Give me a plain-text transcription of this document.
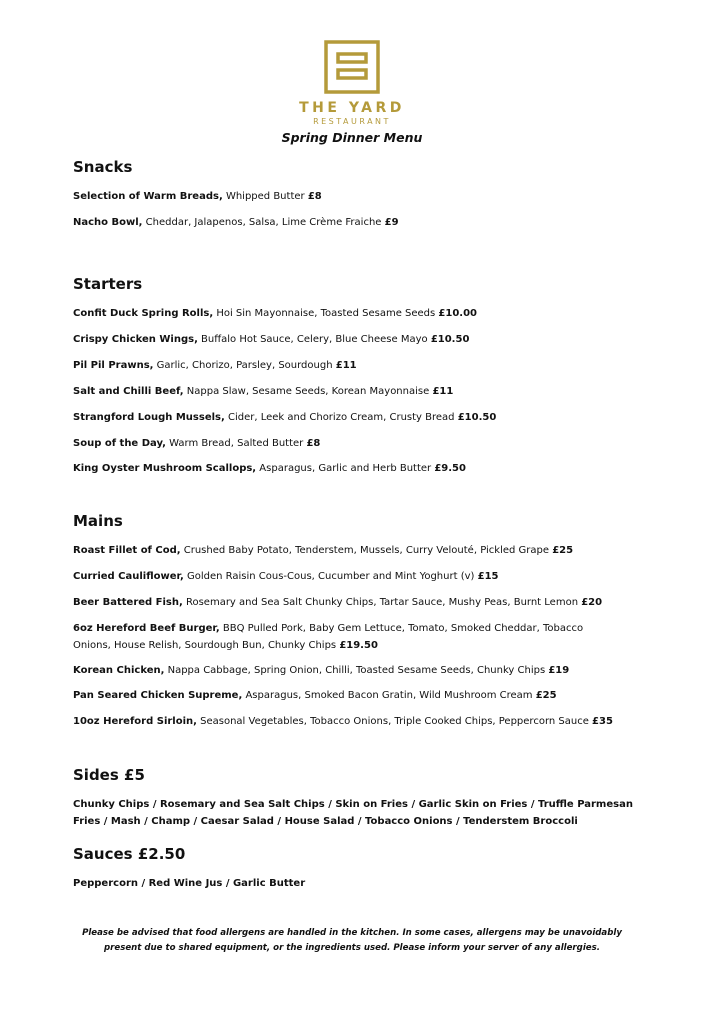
THE YARD
RESTAURANT
Spring Dinner Menu
Snacks
Selection of Warm Breads, Whipped Butter £8
Nacho Bowl, Cheddar, Jalapenos, Salsa, Lime Crème Fraiche £9
Starters
Confit Duck Spring Rolls, Hoi Sin Mayonnaise, Toasted Sesame Seeds £10.00
Crispy Chicken Wings, Buffalo Hot Sauce, Celery, Blue Cheese Mayo £10.50
Pil Pil Prawns, Garlic, Chorizo, Parsley, Sourdough £11
Salt and Chilli Beef, Nappa Slaw, Sesame Seeds, Korean Mayonnaise £11
Strangford Lough Mussels, Cider, Leek and Chorizo Cream, Crusty Bread £10.50
Soup of the Day, Warm Bread, Salted Butter £8
King Oyster Mushroom Scallops, Asparagus, Garlic and Herb Butter £9.50
Mains
Roast Fillet of Cod, Crushed Baby Potato, Tenderstem, Mussels, Curry Velouté, Pickled Grape £25
Curried Cauliflower, Golden Raisin Cous-Cous, Cucumber and Mint Yoghurt (v) £15
Beer Battered Fish, Rosemary and Sea Salt Chunky Chips, Tartar Sauce, Mushy Peas, Burnt Lemon £20
6oz Hereford Beef Burger, BBQ Pulled Pork, Baby Gem Lettuce, Tomato, Smoked Cheddar, Tobacco Onions, House Relish, Sourdough Bun, Chunky Chips £19.50
Korean Chicken, Nappa Cabbage, Spring Onion, Chilli, Toasted Sesame Seeds, Chunky Chips £19
Pan Seared Chicken Supreme, Asparagus, Smoked Bacon Gratin, Wild Mushroom Cream £25
10oz Hereford Sirloin, Seasonal Vegetables, Tobacco Onions, Triple Cooked Chips, Peppercorn Sauce £35
Sides £5
Chunky Chips / Rosemary and Sea Salt Chips / Skin on Fries / Garlic Skin on Fries / Truffle Parmesan Fries / Mash / Champ / Caesar Salad / House Salad / Tobacco Onions / Tenderstem Broccoli
Sauces £2.50
Peppercorn / Red Wine Jus / Garlic Butter
Please be advised that food allergens are handled in the kitchen. In some cases, allergens may be unavoidably present due to shared equipment, or the ingredients used. Please inform your server of any allergies.
